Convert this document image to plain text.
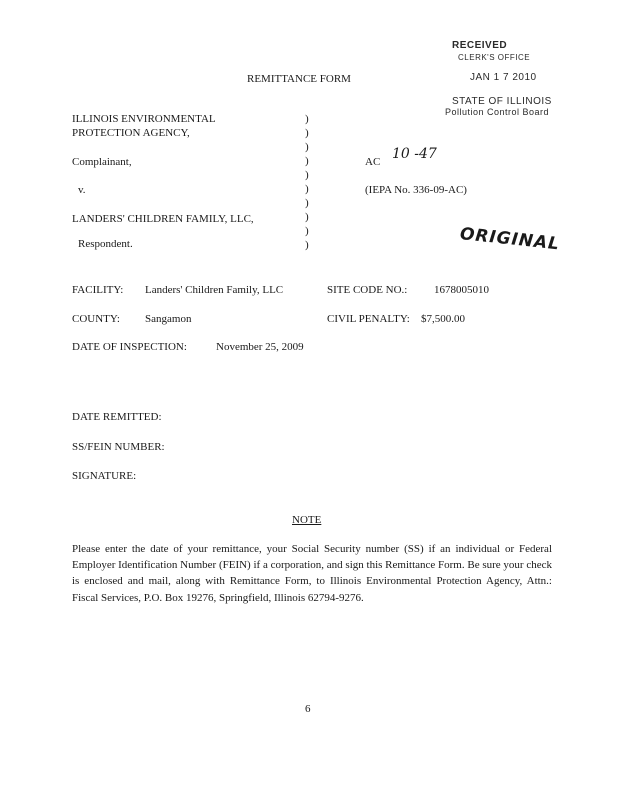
RECEIVED
CLERK'S OFFICE
JAN 1 7 2010
STATE OF ILLINOIS
Pollution Control Board
REMITTANCE FORM
ILLINOIS ENVIRONMENTAL
PROTECTION AGENCY,
Complainant,
v.
LANDERS' CHILDREN FAMILY, LLC,
Respondent.
)
)
)
)
)
)
)
)
)
)
AC 10 -47
(IEPA No. 336-09-AC)
ORIGINAL
FACILITY: Landers' Children Family, LLC	SITE CODE NO.: 1678005010
COUNTY: Sangamon	CIVIL PENALTY: $7,500.00
DATE OF INSPECTION:	November 25, 2009
DATE REMITTED:
SS/FEIN NUMBER:
SIGNATURE:
NOTE
Please enter the date of your remittance, your Social Security number (SS) if an individual or Federal Employer Identification Number (FEIN) if a corporation, and sign this Remittance Form. Be sure your check is enclosed and mail, along with Remittance Form, to Illinois Environmental Protection Agency, Attn.: Fiscal Services, P.O. Box 19276, Springfield, Illinois 62794-9276.
6
